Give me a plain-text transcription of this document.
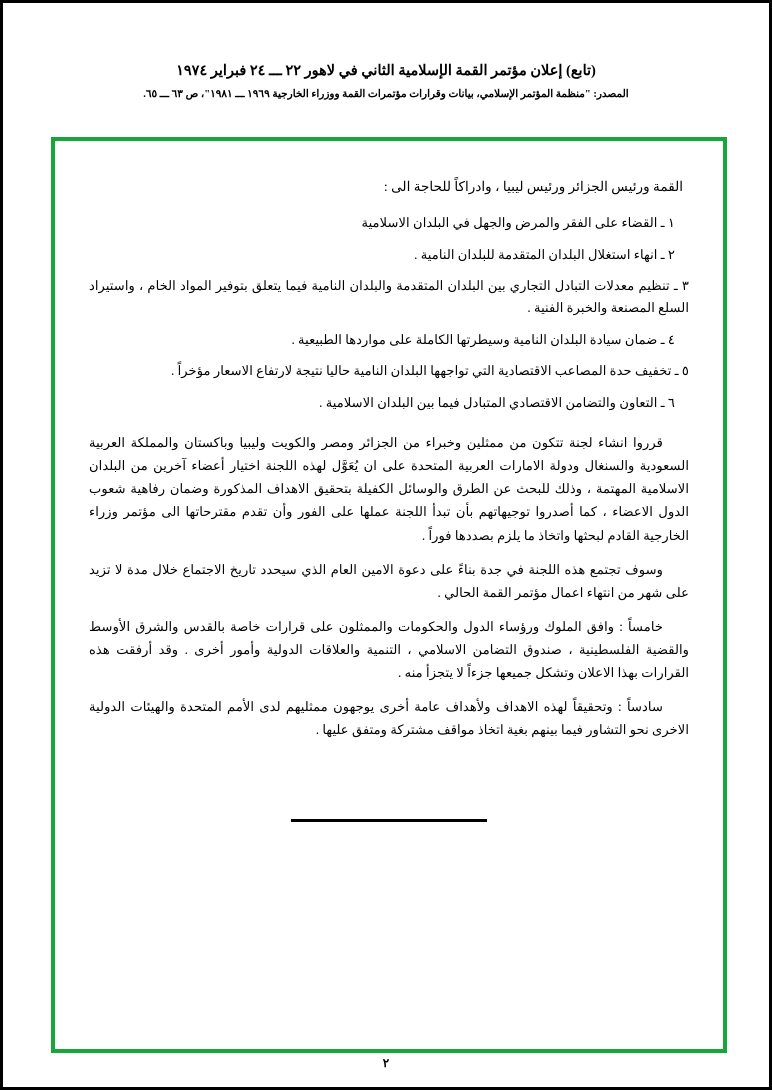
(تابع) إعلان مؤتمر القمة الإسلامية الثاني في لاهور ٢٢ ـــ ٢٤ فبراير ١٩٧٤
المصدر: "منظمة المؤتمر الإسلامي، بيانات وقرارات مؤتمرات القمة ووزراء الخارجية ١٩٦٩ ـــ ١٩٨١"، ص ٦٣ ـــ ٦٥.

القمة ورئيس الجزائر ورئيس ليبيا ، وادراكاً للحاجة الى :

١ ـ القضاء على الفقر والمرض والجهل في البلدان الاسلامية

٢ ـ انهاء استغلال البلدان المتقدمة للبلدان النامية .

٣ ـ تنظيم معدلات التبادل التجاري بين البلدان المتقدمة والبلدان النامية فيما يتعلق بتوفير المواد الخام ، واستيراد السلع المصنعة والخبرة الفنية .

٤ ـ ضمان سيادة البلدان النامية وسيطرتها الكاملة على مواردها الطبيعية .

٥ ـ تخفيف حدة المصاعب الاقتصادية التي تواجهها البلدان النامية حاليا نتيجة لارتفاع الاسعار مؤخراً .

٦ ـ التعاون والتضامن الاقتصادي المتبادل فيما بين البلدان الاسلامية .

قرروا انشاء لجنة تتكون من ممثلين وخبراء من الجزائر ومصر والكويت وليبيا وباكستان والمملكة العربية السعودية والسنغال ودولة الامارات العربية المتحدة على ان يُعَوَّل لهذه اللجنة اختيار أعضاء آخرين من البلدان الاسلامية المهتمة ، وذلك للبحث عن الطرق والوسائل الكفيلة بتحقيق الاهداف المذكورة وضمان رفاهية شعوب الدول الاعضاء ، كما أصدروا توجيهاتهم بأن تبدأ اللجنة عملها على الفور وأن تقدم مقترحاتها الى مؤتمر وزراء الخارجية القادم لبحثها واتخاذ ما يلزم بصددها فوراً .

وسوف تجتمع هذه اللجنة في جدة بناءً على دعوة الامين العام الذي سيحدد تاريخ الاجتماع خلال مدة لا تزيد على شهر من انتهاء اعمال مؤتمر القمة الحالي .

خامساً : وافق الملوك ورؤساء الدول والحكومات والممثلون على قرارات خاصة بالقدس والشرق الأوسط والقضية الفلسطينية ، صندوق التضامن الاسلامي ، التنمية والعلاقات الدولية وأمور أخرى . وقد أرفقت هذه القرارات بهذا الاعلان وتشكل جميعها جزءاً لا يتجزأ منه .

سادساً : وتحقيقاً لهذه الاهداف ولأهداف عامة أخرى يوجهون ممثليهم لدى الأمم المتحدة والهيئات الدولية الاخرى نحو التشاور فيما بينهم بغية اتخاذ مواقف مشتركة ومتفق عليها .

٢
